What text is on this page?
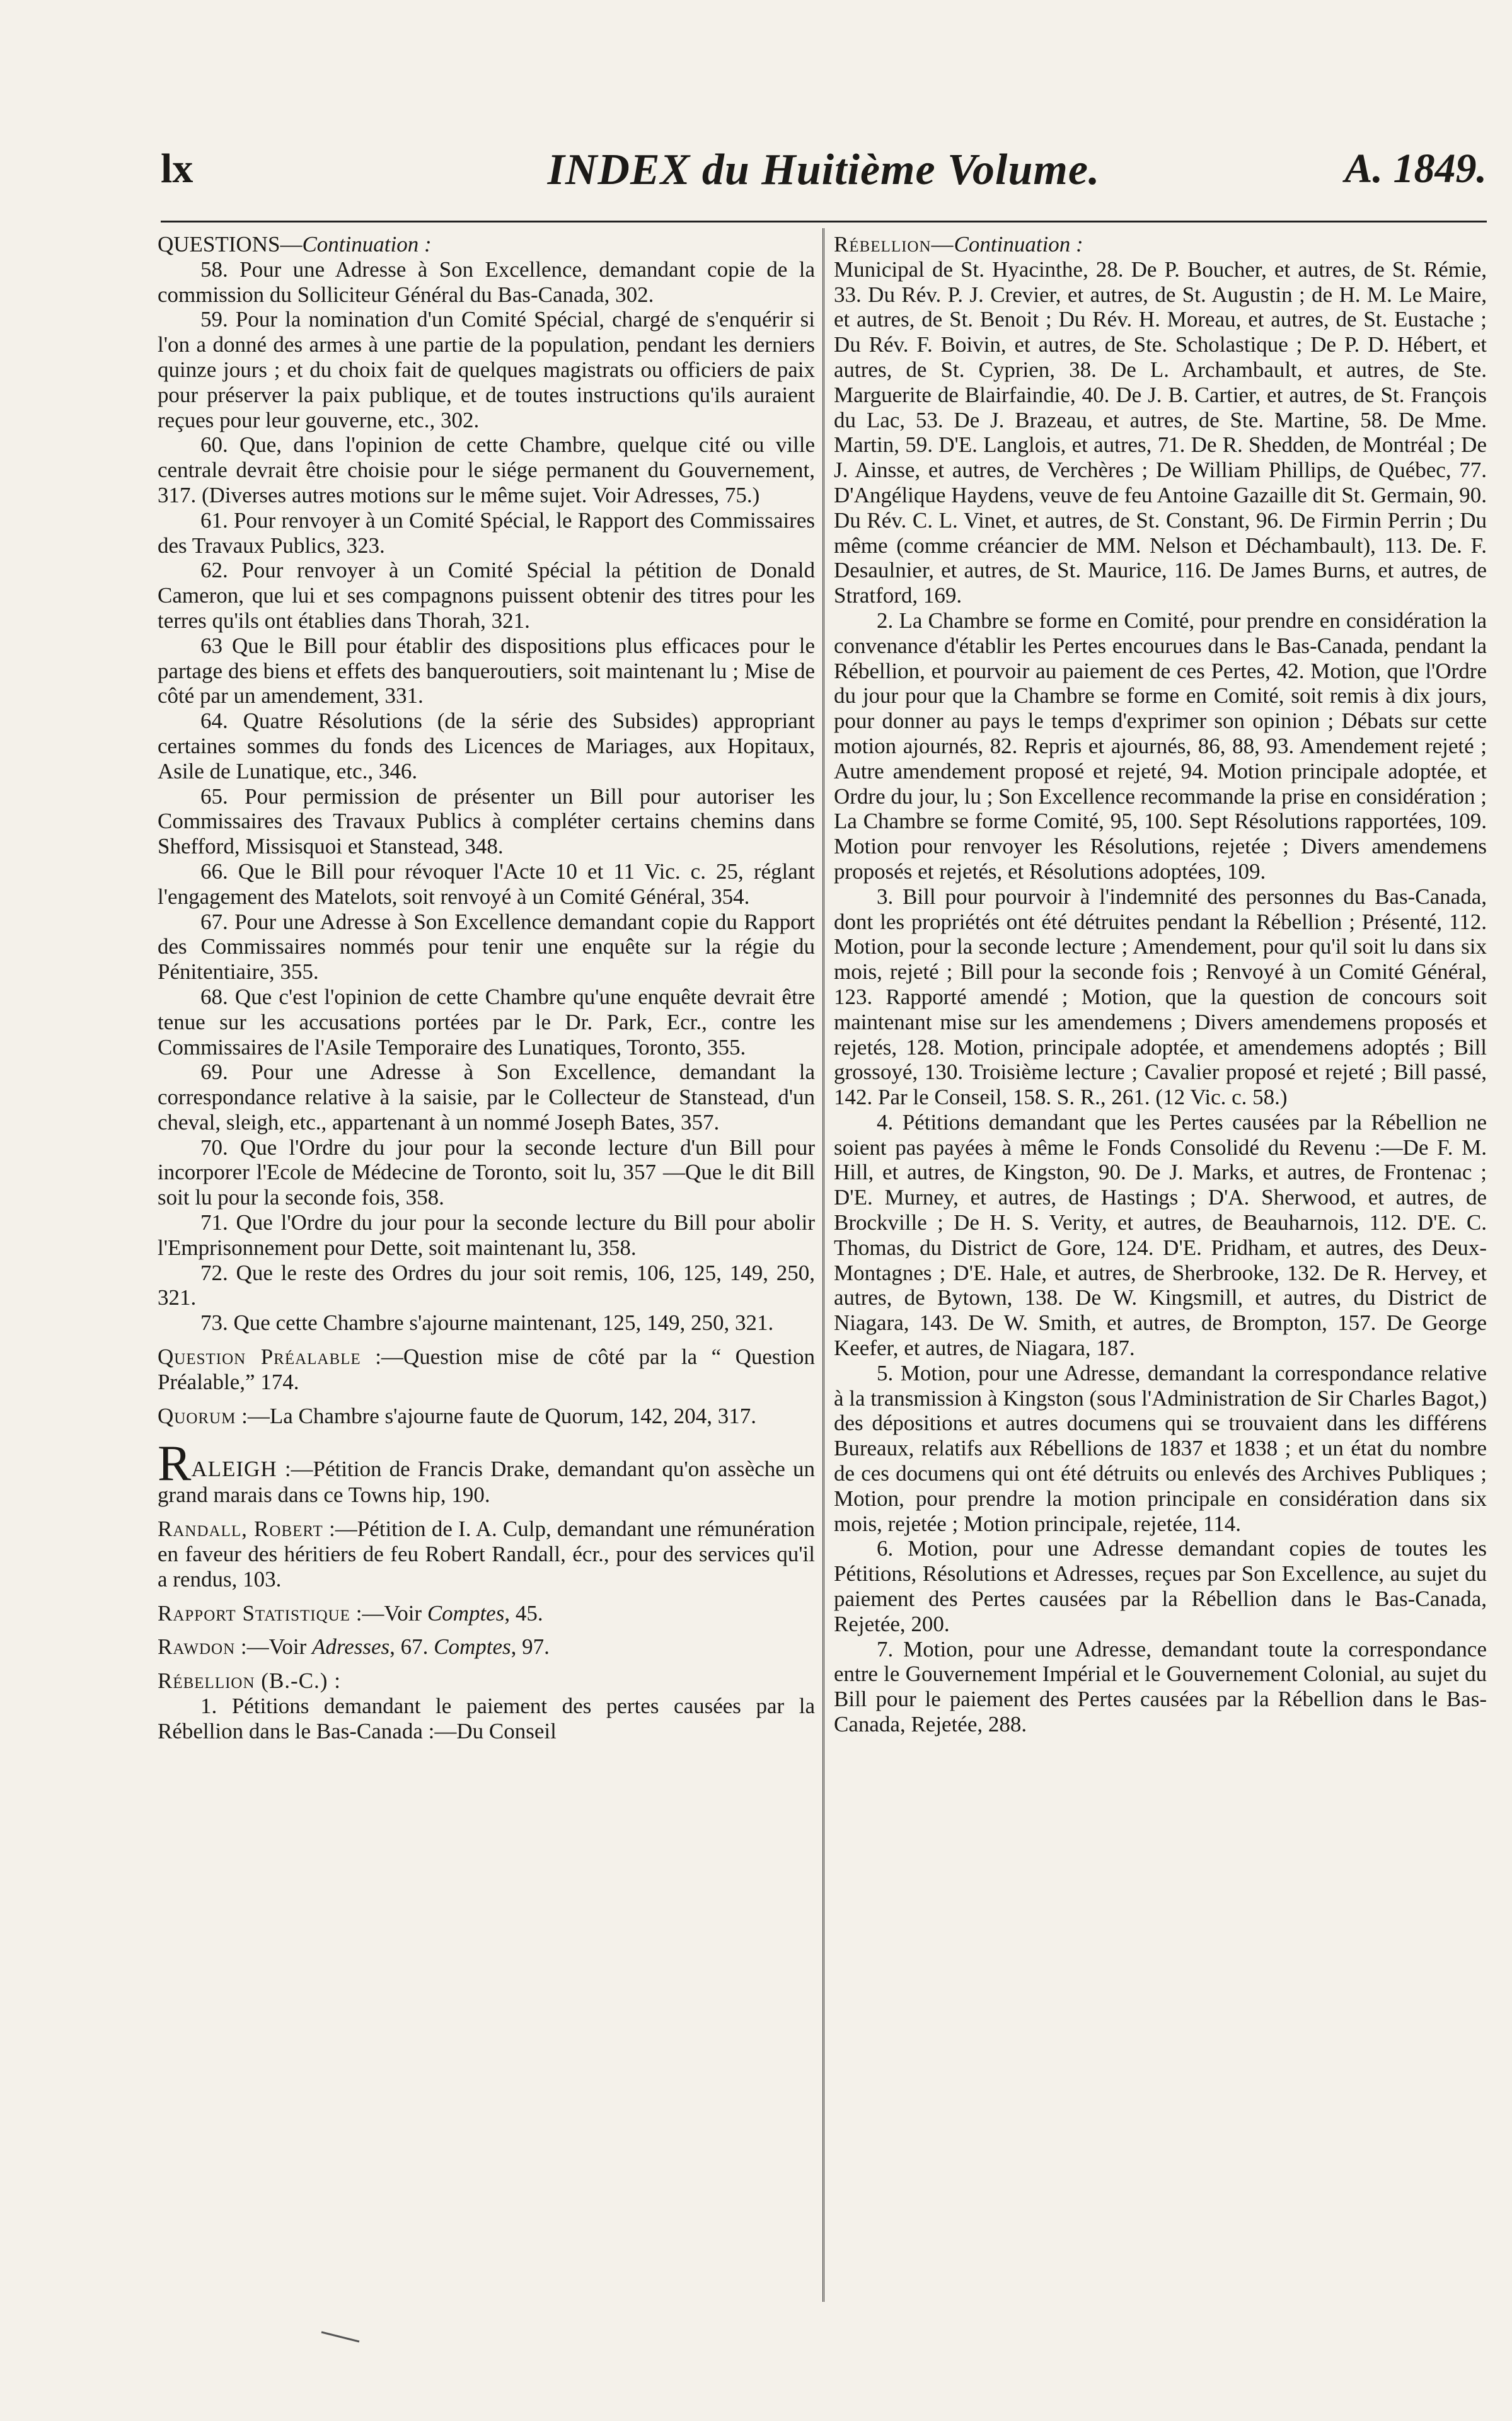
lx	INDEX du Huitième Volume.	A. 1849.

QUESTIONS—Continuation :

58. Pour une Adresse à Son Excellence, demandant copie de la commission du Solliciteur Général du Bas-Canada, 302.

59. Pour la nomination d'un Comité Spécial, chargé de s'enquérir si l'on a donné des armes à une partie de la population, pendant les derniers quinze jours ; et du choix fait de quelques magistrats ou officiers de paix pour préserver la paix publique, et de toutes instructions qu'ils auraient reçues pour leur gouverne, etc., 302.

60. Que, dans l'opinion de cette Chambre, quelque cité ou ville centrale devrait être choisie pour le siége permanent du Gouvernement, 317. (Diverses autres motions sur le même sujet. Voir Adresses, 75.)

61. Pour renvoyer à un Comité Spécial, le Rapport des Commissaires des Travaux Publics, 323.

62. Pour renvoyer à un Comité Spécial la pétition de Donald Cameron, que lui et ses compagnons puissent obtenir des titres pour les terres qu'ils ont établies dans Thorah, 321.

63 Que le Bill pour établir des dispositions plus efficaces pour le partage des biens et effets des banqueroutiers, soit maintenant lu ; Mise de côté par un amendement, 331.

64. Quatre Résolutions (de la série des Subsides) appropriant certaines sommes du fonds des Licences de Mariages, aux Hopitaux, Asile de Lunatique, etc., 346.

65. Pour permission de présenter un Bill pour autoriser les Commissaires des Travaux Publics à compléter certains chemins dans Shefford, Missisquoi et Stanstead, 348.

66. Que le Bill pour révoquer l'Acte 10 et 11 Vic. c. 25, réglant l'engagement des Matelots, soit renvoyé à un Comité Général, 354.

67. Pour une Adresse à Son Excellence demandant copie du Rapport des Commissaires nommés pour tenir une enquête sur la régie du Pénitentiaire, 355.

68. Que c'est l'opinion de cette Chambre qu'une enquête devrait être tenue sur les accusations portées par le Dr. Park, Ecr., contre les Commissaires de l'Asile Temporaire des Lunatiques, Toronto, 355.

69. Pour une Adresse à Son Excellence, demandant la correspondance relative à la saisie, par le Collecteur de Stanstead, d'un cheval, sleigh, etc., appartenant à un nommé Joseph Bates, 357.

70. Que l'Ordre du jour pour la seconde lecture d'un Bill pour incorporer l'Ecole de Médecine de Toronto, soit lu, 357 —Que le dit Bill soit lu pour la seconde fois, 358.

71. Que l'Ordre du jour pour la seconde lecture du Bill pour abolir l'Emprisonnement pour Dette, soit maintenant lu, 358.

72. Que le reste des Ordres du jour soit remis, 106, 125, 149, 250, 321.

73. Que cette Chambre s'ajourne maintenant, 125, 149, 250, 321.

Question Préalable :—Question mise de côté par la “ Question Préalable,” 174.

Quorum :—La Chambre s'ajourne faute de Quorum, 142, 204, 317.

RALEIGH :—Pétition de Francis Drake, demandant qu'on assèche un grand marais dans ce Towns hip, 190.

Randall, Robert :—Pétition de I. A. Culp, demandant une rémunération en faveur des héritiers de feu Robert Randall, écr., pour des services qu'il a rendus, 103.

Rapport Statistique :—Voir Comptes, 45.

Rawdon :—Voir Adresses, 67. Comptes, 97.

Rébellion (B.-C.) :

1. Pétitions demandant le paiement des pertes causées par la Rébellion dans le Bas-Canada :—Du Conseil

Rébellion—Continuation :

Municipal de St. Hyacinthe, 28. De P. Boucher, et autres, de St. Rémie, 33. Du Rév. P. J. Crevier, et autres, de St. Augustin ; de H. M. Le Maire, et autres, de St. Benoit ; Du Rév. H. Moreau, et autres, de St. Eustache ; Du Rév. F. Boivin, et autres, de Ste. Scholastique ; De P. D. Hébert, et autres, de St. Cyprien, 38. De L. Archambault, et autres, de Ste. Marguerite de Blairfaindie, 40. De J. B. Cartier, et autres, de St. François du Lac, 53. De J. Brazeau, et autres, de Ste. Martine, 58. De Mme. Martin, 59. D'E. Langlois, et autres, 71. De R. Shedden, de Montréal ; De J. Ainsse, et autres, de Verchères ; De William Phillips, de Québec, 77. D'Angélique Haydens, veuve de feu Antoine Gazaille dit St. Germain, 90. Du Rév. C. L. Vinet, et autres, de St. Constant, 96. De Firmin Perrin ; Du même (comme créancier de MM. Nelson et Déchambault), 113. De. F. Desaulnier, et autres, de St. Maurice, 116. De James Burns, et autres, de Stratford, 169.

2. La Chambre se forme en Comité, pour prendre en considération la convenance d'établir les Pertes encourues dans le Bas-Canada, pendant la Rébellion, et pourvoir au paiement de ces Pertes, 42. Motion, que l'Ordre du jour pour que la Chambre se forme en Comité, soit remis à dix jours, pour donner au pays le temps d'exprimer son opinion ; Débats sur cette motion ajournés, 82. Repris et ajournés, 86, 88, 93. Amendement rejeté ; Autre amendement proposé et rejeté, 94. Motion principale adoptée, et Ordre du jour, lu ; Son Excellence recommande la prise en considération ; La Chambre se forme Comité, 95, 100. Sept Résolutions rapportées, 109. Motion pour renvoyer les Résolutions, rejetée ; Divers amendemens proposés et rejetés, et Résolutions adoptées, 109.

3. Bill pour pourvoir à l'indemnité des personnes du Bas-Canada, dont les propriétés ont été détruites pendant la Rébellion ; Présenté, 112. Motion, pour la seconde lecture ; Amendement, pour qu'il soit lu dans six mois, rejeté ; Bill pour la seconde fois ; Renvoyé à un Comité Général, 123. Rapporté amendé ; Motion, que la question de concours soit maintenant mise sur les amendemens ; Divers amendemens proposés et rejetés, 128. Motion, principale adoptée, et amendemens adoptés ; Bill grossoyé, 130. Troisième lecture ; Cavalier proposé et rejeté ; Bill passé, 142. Par le Conseil, 158. S. R., 261. (12 Vic. c. 58.)

4. Pétitions demandant que les Pertes causées par la Rébellion ne soient pas payées à même le Fonds Consolidé du Revenu :—De F. M. Hill, et autres, de Kingston, 90. De J. Marks, et autres, de Frontenac ; D'E. Murney, et autres, de Hastings ; D'A. Sherwood, et autres, de Brockville ; De H. S. Verity, et autres, de Beauharnois, 112. D'E. C. Thomas, du District de Gore, 124. D'E. Pridham, et autres, des Deux-Montagnes ; D'E. Hale, et autres, de Sherbrooke, 132. De R. Hervey, et autres, de Bytown, 138. De W. Kingsmill, et autres, du District de Niagara, 143. De W. Smith, et autres, de Brompton, 157. De George Keefer, et autres, de Niagara, 187.

5. Motion, pour une Adresse, demandant la correspondance relative à la transmission à Kingston (sous l'Administration de Sir Charles Bagot,) des dépositions et autres documens qui se trouvaient dans les différens Bureaux, relatifs aux Rébellions de 1837 et 1838 ; et un état du nombre de ces documens qui ont été détruits ou enlevés des Archives Publiques ; Motion, pour prendre la motion principale en considération dans six mois, rejetée ; Motion principale, rejetée, 114.

6. Motion, pour une Adresse demandant copies de toutes les Pétitions, Résolutions et Adresses, reçues par Son Excellence, au sujet du paiement des Pertes causées par la Rébellion dans le Bas-Canada, Rejetée, 200.

7. Motion, pour une Adresse, demandant toute la correspondance entre le Gouvernement Impérial et le Gouvernement Colonial, au sujet du Bill pour le paiement des Pertes causées par la Rébellion dans le Bas-Canada, Rejetée, 288.
